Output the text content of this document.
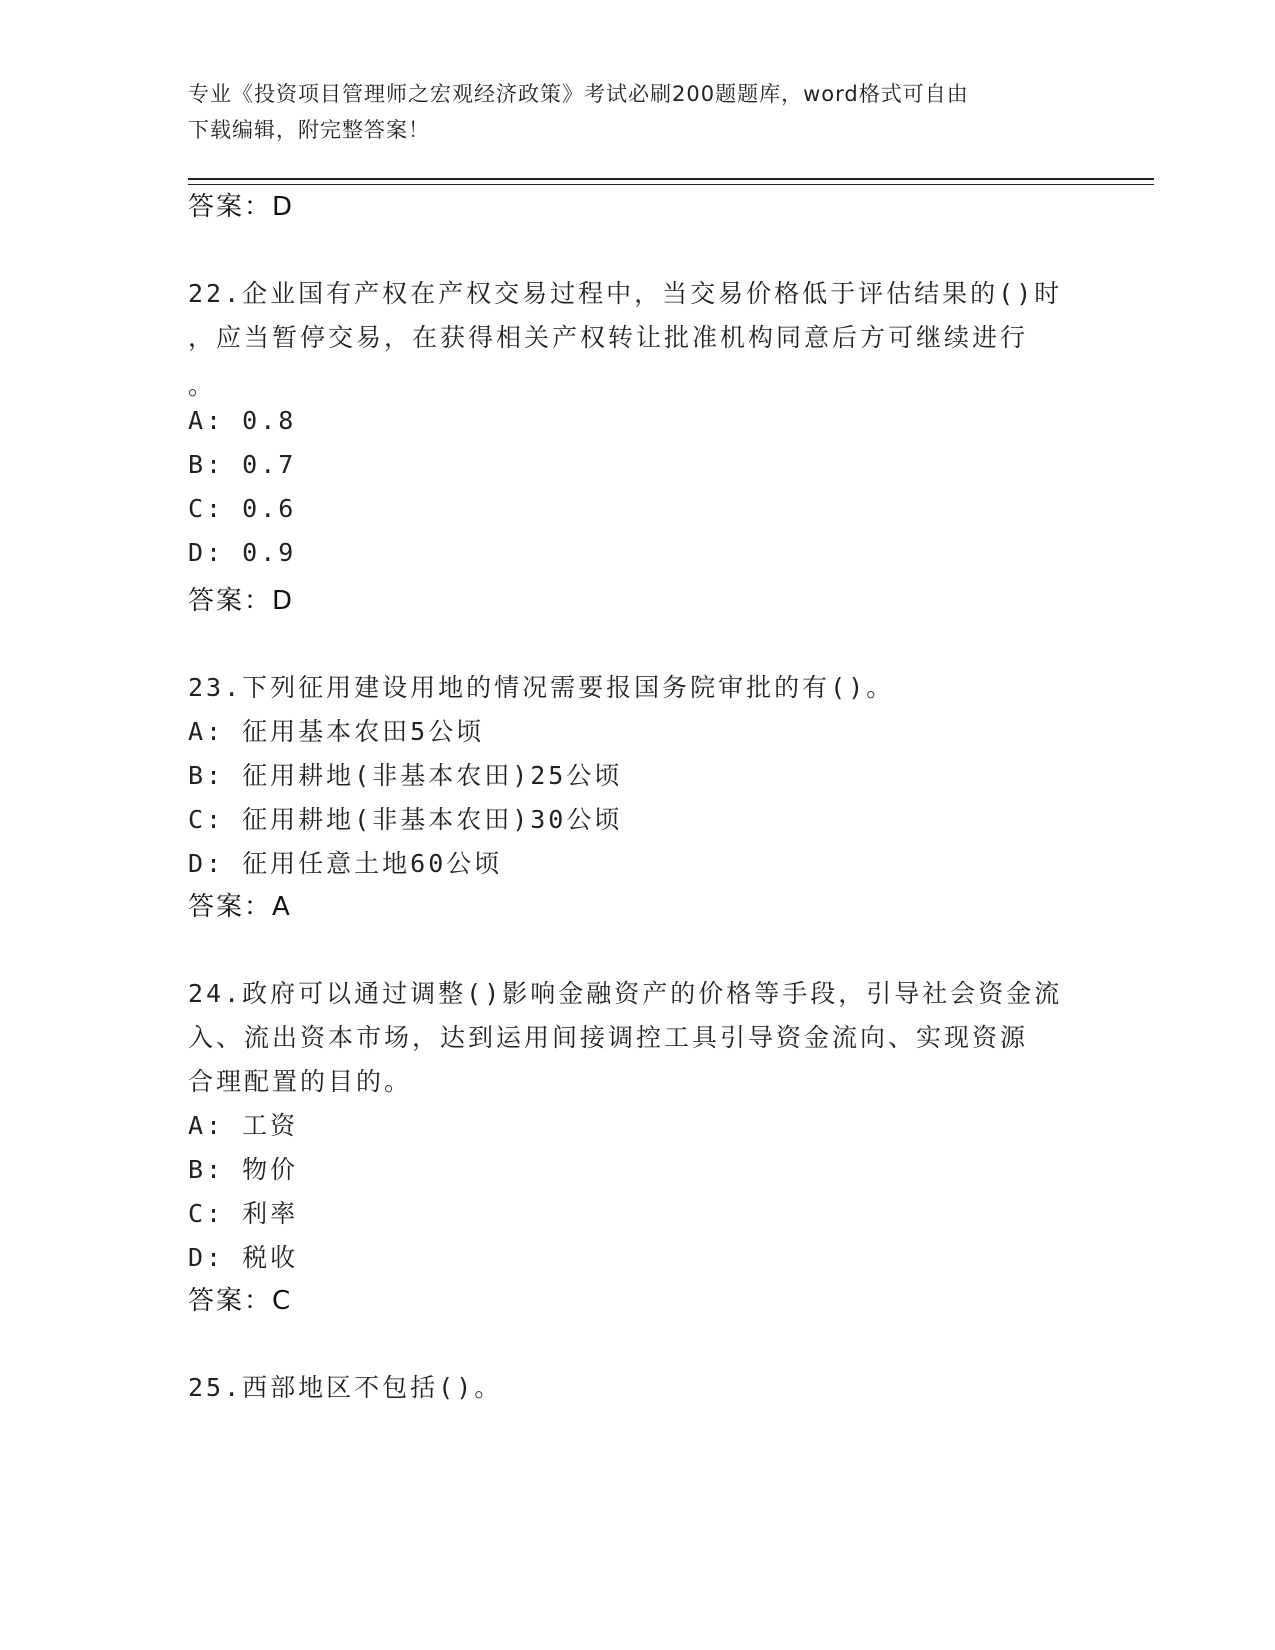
专业《投资项目管理师之宏观经济政策》考试必刷200题题库，word格式可自由
下载编辑，附完整答案！
答案：D
22.企业国有产权在产权交易过程中，当交易价格低于评估结果的()时
，应当暂停交易，在获得相关产权转让批准机构同意后方可继续进行
。
A: 0.8
B: 0.7
C: 0.6
D: 0.9
答案：D
23.下列征用建设用地的情况需要报国务院审批的有()。
A: 征用基本农田5公顷
B: 征用耕地(非基本农田)25公顷
C: 征用耕地(非基本农田)30公顷
D: 征用任意土地60公顷
答案：A
24.政府可以通过调整()影响金融资产的价格等手段，引导社会资金流
入、流出资本市场，达到运用间接调控工具引导资金流向、实现资源
合理配置的目的。
A: 工资
B: 物价
C: 利率
D: 税收
答案：C
25.西部地区不包括()。
